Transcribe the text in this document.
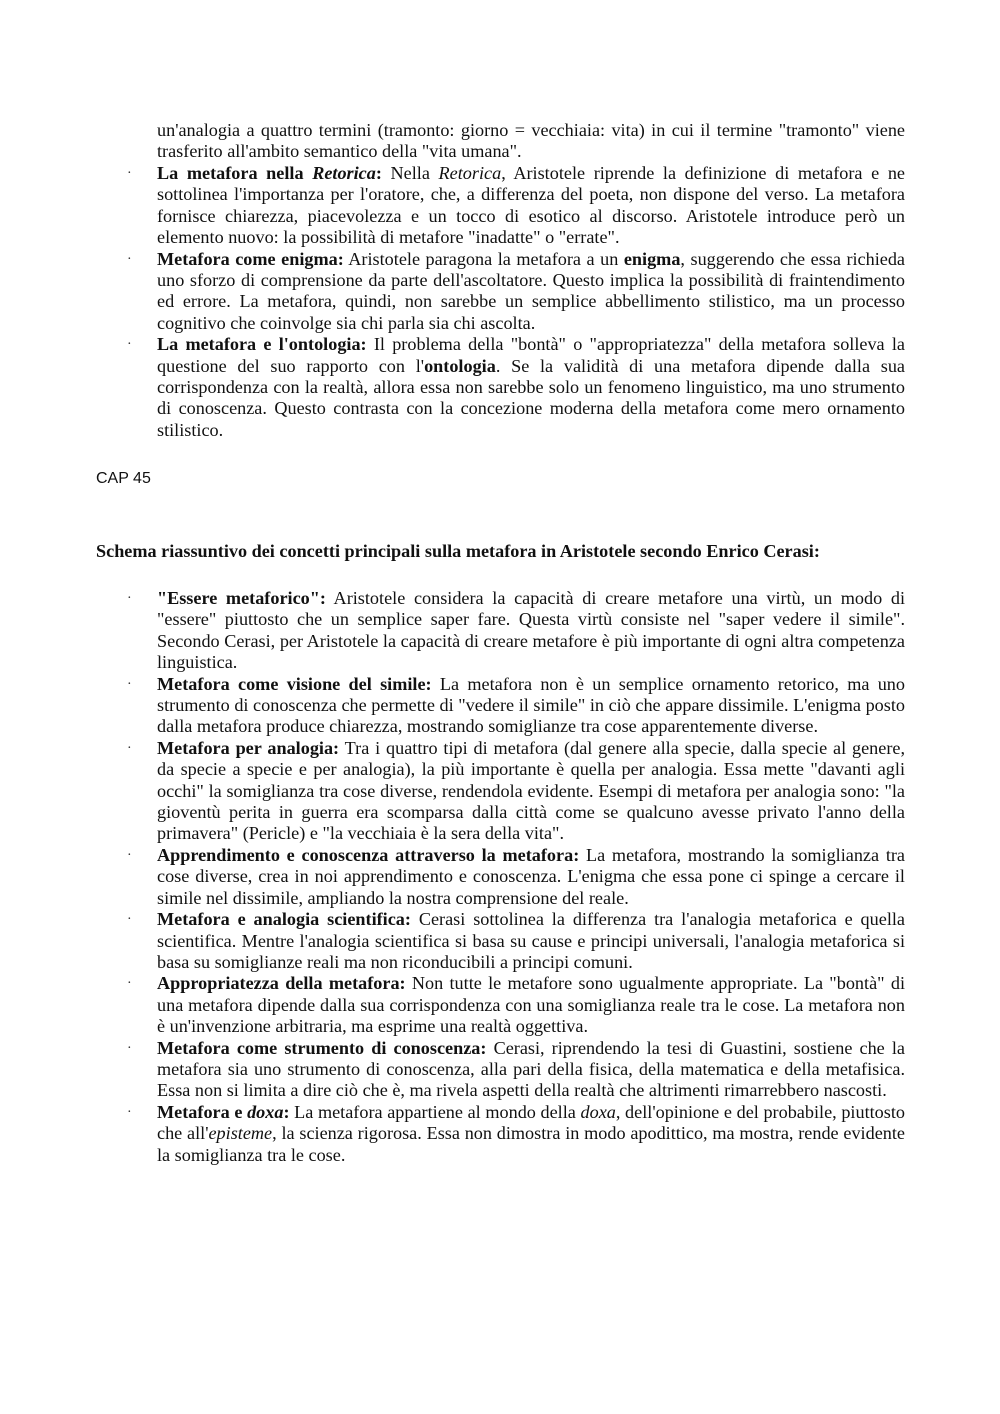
un'analogia a quattro termini (tramonto: giorno = vecchiaia: vita) in cui il termine "tramonto" viene trasferito all'ambito semantico della "vita umana".
· La metafora nella Retorica: Nella Retorica, Aristotele riprende la definizione di metafora e ne sottolinea l'importanza per l'oratore, che, a differenza del poeta, non dispone del verso. La metafora fornisce chiarezza, piacevolezza e un tocco di esotico al discorso. Aristotele introduce però un elemento nuovo: la possibilità di metafore "inadatte" o "errate".
· Metafora come enigma: Aristotele paragona la metafora a un enigma, suggerendo che essa richieda uno sforzo di comprensione da parte dell'ascoltatore. Questo implica la possibilità di fraintendimento ed errore. La metafora, quindi, non sarebbe un semplice abbellimento stilistico, ma un processo cognitivo che coinvolge sia chi parla sia chi ascolta.
· La metafora e l'ontologia: Il problema della "bontà" o "appropriatezza" della metafora solleva la questione del suo rapporto con l'ontologia. Se la validità di una metafora dipende dalla sua corrispondenza con la realtà, allora essa non sarebbe solo un fenomeno linguistico, ma uno strumento di conoscenza. Questo contrasta con la concezione moderna della metafora come mero ornamento stilistico.
CAP 45
Schema riassuntivo dei concetti principali sulla metafora in Aristotele secondo Enrico Cerasi:
· "Essere metaforico": Aristotele considera la capacità di creare metafore una virtù, un modo di "essere" piuttosto che un semplice saper fare. Questa virtù consiste nel "saper vedere il simile". Secondo Cerasi, per Aristotele la capacità di creare metafore è più importante di ogni altra competenza linguistica.
· Metafora come visione del simile: La metafora non è un semplice ornamento retorico, ma uno strumento di conoscenza che permette di "vedere il simile" in ciò che appare dissimile. L'enigma posto dalla metafora produce chiarezza, mostrando somiglianze tra cose apparentemente diverse.
· Metafora per analogia: Tra i quattro tipi di metafora (dal genere alla specie, dalla specie al genere, da specie a specie e per analogia), la più importante è quella per analogia. Essa mette "davanti agli occhi" la somiglianza tra cose diverse, rendendola evidente. Esempi di metafora per analogia sono: "la gioventù perita in guerra era scomparsa dalla città come se qualcuno avesse privato l'anno della primavera" (Pericle) e "la vecchiaia è la sera della vita".
· Apprendimento e conoscenza attraverso la metafora: La metafora, mostrando la somiglianza tra cose diverse, crea in noi apprendimento e conoscenza. L'enigma che essa pone ci spinge a cercare il simile nel dissimile, ampliando la nostra comprensione del reale.
· Metafora e analogia scientifica: Cerasi sottolinea la differenza tra l'analogia metaforica e quella scientifica. Mentre l'analogia scientifica si basa su cause e principi universali, l'analogia metaforica si basa su somiglianze reali ma non riconducibili a principi comuni.
· Appropriatezza della metafora: Non tutte le metafore sono ugualmente appropriate. La "bontà" di una metafora dipende dalla sua corrispondenza con una somiglianza reale tra le cose. La metafora non è un'invenzione arbitraria, ma esprime una realtà oggettiva.
· Metafora come strumento di conoscenza: Cerasi, riprendendo la tesi di Guastini, sostiene che la metafora sia uno strumento di conoscenza, alla pari della fisica, della matematica e della metafisica. Essa non si limita a dire ciò che è, ma rivela aspetti della realtà che altrimenti rimarrebbero nascosti.
· Metafora e doxa: La metafora appartiene al mondo della doxa, dell'opinione e del probabile, piuttosto che all'episteme, la scienza rigorosa. Essa non dimostra in modo apodittico, ma mostra, rende evidente la somiglianza tra le cose.
